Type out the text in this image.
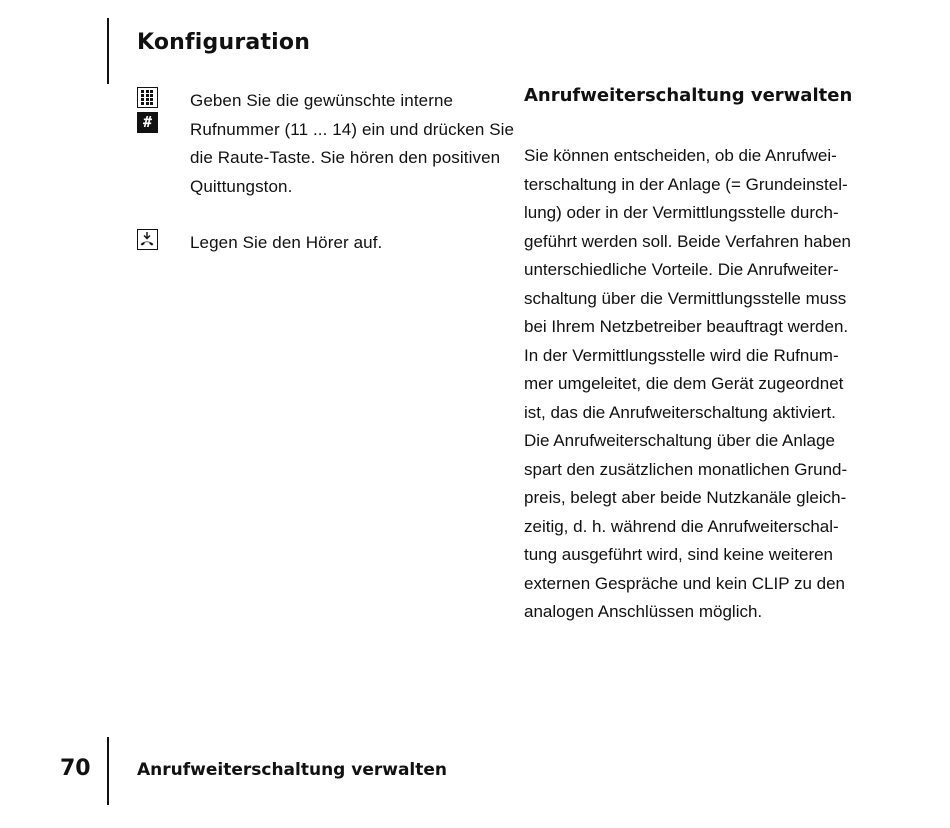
Konfiguration
#

Geben Sie die gewünschte interne Rufnummer (11 ... 14) ein und drücken Sie die Raute-Taste. Sie hören den positiven Quittungston.

Legen Sie den Hörer auf.

Anrufweiterschaltung verwalten

Sie können entscheiden, ob die Anrufwei-
terschaltung in der Anlage (= Grundeinstel-
lung) oder in der Vermittlungsstelle durch-
geführt werden soll. Beide Verfahren haben
unterschiedliche Vorteile. Die Anrufweiter-
schaltung über die Vermittlungsstelle muss
bei Ihrem Netzbetreiber beauftragt werden.
In der Vermittlungsstelle wird die Rufnum-
mer umgeleitet, die dem Gerät zugeordnet
ist, das die Anrufweiterschaltung aktiviert.
Die Anrufweiterschaltung über die Anlage
spart den zusätzlichen monatlichen Grund-
preis, belegt aber beide Nutzkanäle gleich-
zeitig, d. h. während die Anrufweiterschal-
tung ausgeführt wird, sind keine weiteren
externen Gespräche und kein CLIP zu den
analogen Anschlüssen möglich.

70	Anrufweiterschaltung verwalten
